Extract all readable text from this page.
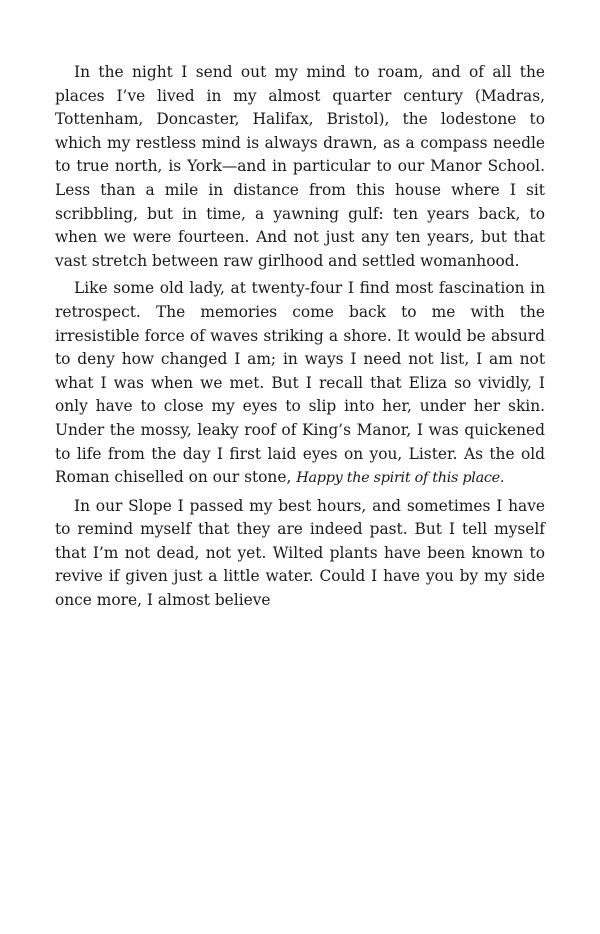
In the night I send out my mind to roam, and of all the places I’ve lived in my almost quarter century (Madras, Tottenham, Doncaster, Halifax, Bristol), the lodestone to which my restless mind is always drawn, as a compass needle to true north, is York—and in particular to our Manor School. Less than a mile in distance from this house where I sit scribbling, but in time, a yawning gulf: ten years back, to when we were fourteen. And not just any ten years, but that vast stretch between raw girlhood and settled womanhood.

Like some old lady, at twenty-four I find most fascination in retrospect. The memories come back to me with the irresistible force of waves striking a shore. It would be absurd to deny how changed I am; in ways I need not list, I am not what I was when we met. But I recall that Eliza so vividly, I only have to close my eyes to slip into her, under her skin. Under the mossy, leaky roof of King’s Manor, I was quickened to life from the day I first laid eyes on you, Lister. As the old Roman chiselled on our stone, Happy the spirit of this place.

In our Slope I passed my best hours, and sometimes I have to remind myself that they are indeed past. But I tell myself that I’m not dead, not yet. Wilted plants have been known to revive if given just a little water. Could I have you by my side once more, I almost believe
